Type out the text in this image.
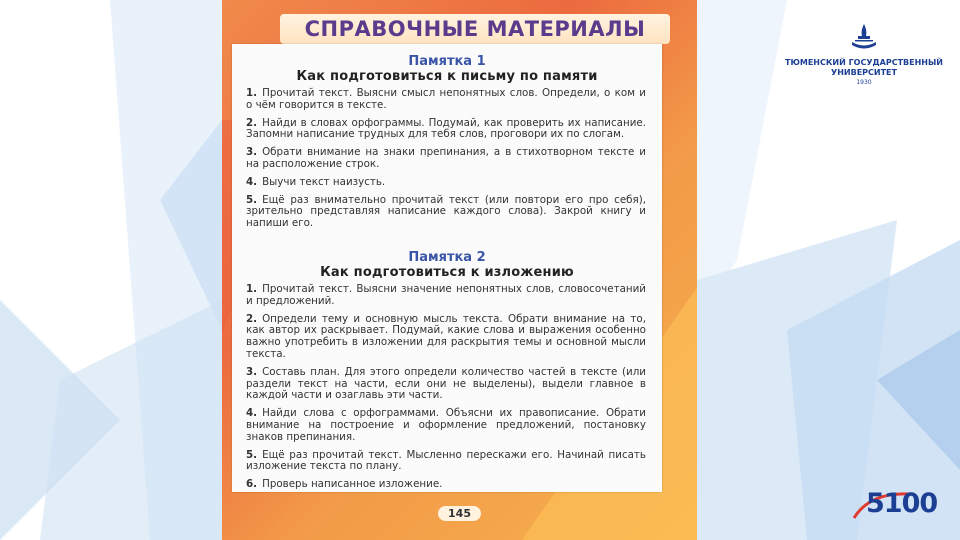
СПРАВОЧНЫЕ МАТЕРИАЛЫ
Памятка 1
Как подготовиться к письму по памяти
1. Прочитай текст. Выясни смысл непонятных слов. Определи, о ком и о чём говорится в тексте.
2. Найди в словах орфограммы. Подумай, как проверить их написание. Запомни написание трудных для тебя слов, проговори их по слогам.
3. Обрати внимание на знаки препинания, а в стихотворном тексте и на расположение строк.
4. Выучи текст наизусть.
5. Ещё раз внимательно прочитай текст (или повтори его про себя), зрительно представляя написание каждого слова). Закрой книгу и напиши его.
Памятка 2
Как подготовиться к изложению
1. Прочитай текст. Выясни значение непонятных слов, словосочетаний и предложений.
2. Определи тему и основную мысль текста. Обрати внимание на то, как автор их раскрывает. Подумай, какие слова и выражения особенно важно употребить в изложении для раскрытия темы и основной мысли текста.
3. Составь план. Для этого определи количество частей в тексте (или раздели текст на части, если они не выделены), выдели главное в каждой части и озаглавь эти части.
4. Найди слова с орфограммами. Объясни их правописание. Обрати внимание на построение и оформление предложений, постановку знаков препинания.
5. Ещё раз прочитай текст. Мысленно перескажи его. Начинай писать изложение текста по плану.
6. Проверь написанное изложение.
145
ТЮМЕНСКИЙ ГОСУДАРСТВЕННЫЙ
УНИВЕРСИТЕТ
1930
5100
